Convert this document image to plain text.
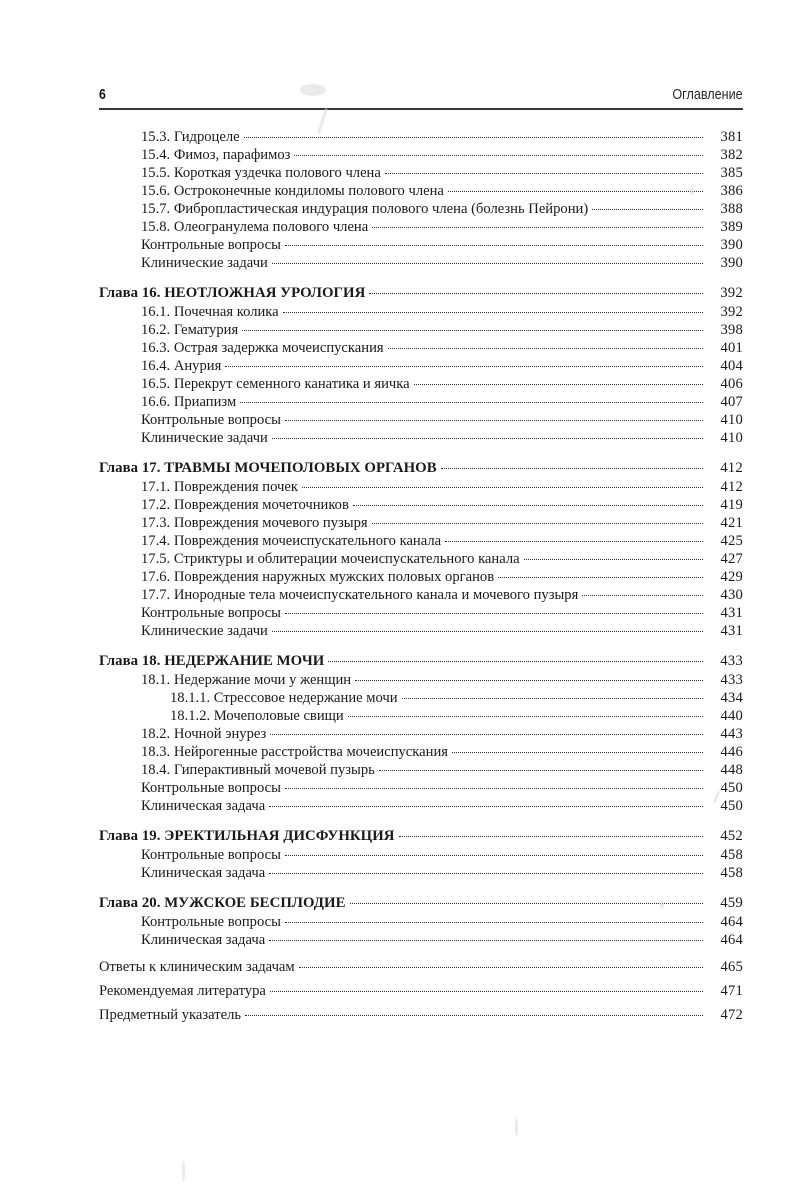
6	Оглавление
15.3. Гидроцеле	381
15.4. Фимоз, парафимоз	382
15.5. Короткая уздечка полового члена	385
15.6. Остроконечные кондиломы полового члена	386
15.7. Фибропластическая индурация полового члена (болезнь Пейрони)	388
15.8. Олеогранулема полового члена	389
Контрольные вопросы	390
Клинические задачи	390
Глава 16. НЕОТЛОЖНАЯ УРОЛОГИЯ	392
16.1. Почечная колика	392
16.2. Гематурия	398
16.3. Острая задержка мочеиспускания	401
16.4. Анурия	404
16.5. Перекрут семенного канатика и яичка	406
16.6. Приапизм	407
Контрольные вопросы	410
Клинические задачи	410
Глава 17. ТРАВМЫ МОЧЕПОЛОВЫХ ОРГАНОВ	412
17.1. Повреждения почек	412
17.2. Повреждения мочеточников	419
17.3. Повреждения мочевого пузыря	421
17.4. Повреждения мочеиспускательного канала	425
17.5. Стриктуры и облитерации мочеиспускательного канала	427
17.6. Повреждения наружных мужских половых органов	429
17.7. Инородные тела мочеиспускательного канала и мочевого пузыря	430
Контрольные вопросы	431
Клинические задачи	431
Глава 18. НЕДЕРЖАНИЕ МОЧИ	433
18.1. Недержание мочи у женщин	433
18.1.1. Стрессовое недержание мочи	434
18.1.2. Мочеполовые свищи	440
18.2. Ночной энурез	443
18.3. Нейрогенные расстройства мочеиспускания	446
18.4. Гиперактивный мочевой пузырь	448
Контрольные вопросы	450
Клиническая задача	450
Глава 19. ЭРЕКТИЛЬНАЯ ДИСФУНКЦИЯ	452
Контрольные вопросы	458
Клиническая задача	458
Глава 20. МУЖСКОЕ БЕСПЛОДИЕ	459
Контрольные вопросы	464
Клиническая задача	464
Ответы к клиническим задачам	465
Рекомендуемая литература	471
Предметный указатель	472
